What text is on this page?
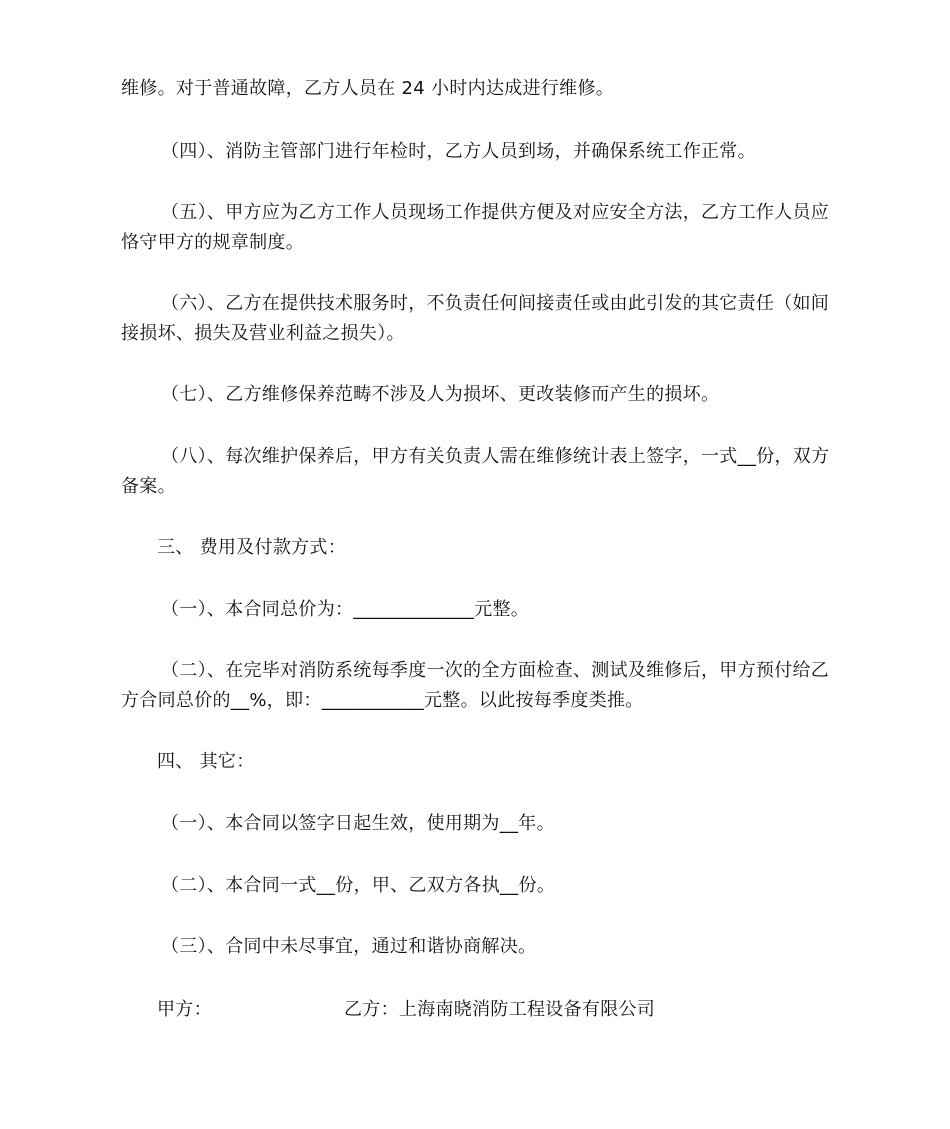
维修。对于普通故障，乙方人员在 24 小时内达成进行维修。
（四）、消防主管部门进行年检时，乙方人员到场，并确保系统工作正常。
（五）、甲方应为乙方工作人员现场工作提供方便及对应安全方法，乙方工作人员应
恪守甲方的规章制度。
（六）、乙方在提供技术服务时，不负责任何间接责任或由此引发的其它责任（如间
接损坏、损失及营业利益之损失）。
（七）、乙方维修保养范畴不涉及人为损坏、更改装修而产生的损坏。
（八）、每次维护保养后，甲方有关负责人需在维修统计表上签字，一式__份，双方
备案。
三、 费用及付款方式：
（一）、本合同总价为：_____________元整。
（二）、在完毕对消防系统每季度一次的全方面检查、测试及维修后，甲方预付给乙
方合同总价的__%，即：___________元整。以此按每季度类推。
四、 其它：
（一）、本合同以签字日起生效，使用期为__年。
（二）、本合同一式__份，甲、乙双方各执__份。
（三）、合同中未尽事宜，通过和谐协商解决。
甲方：	乙方：上海南晓消防工程设备有限公司
